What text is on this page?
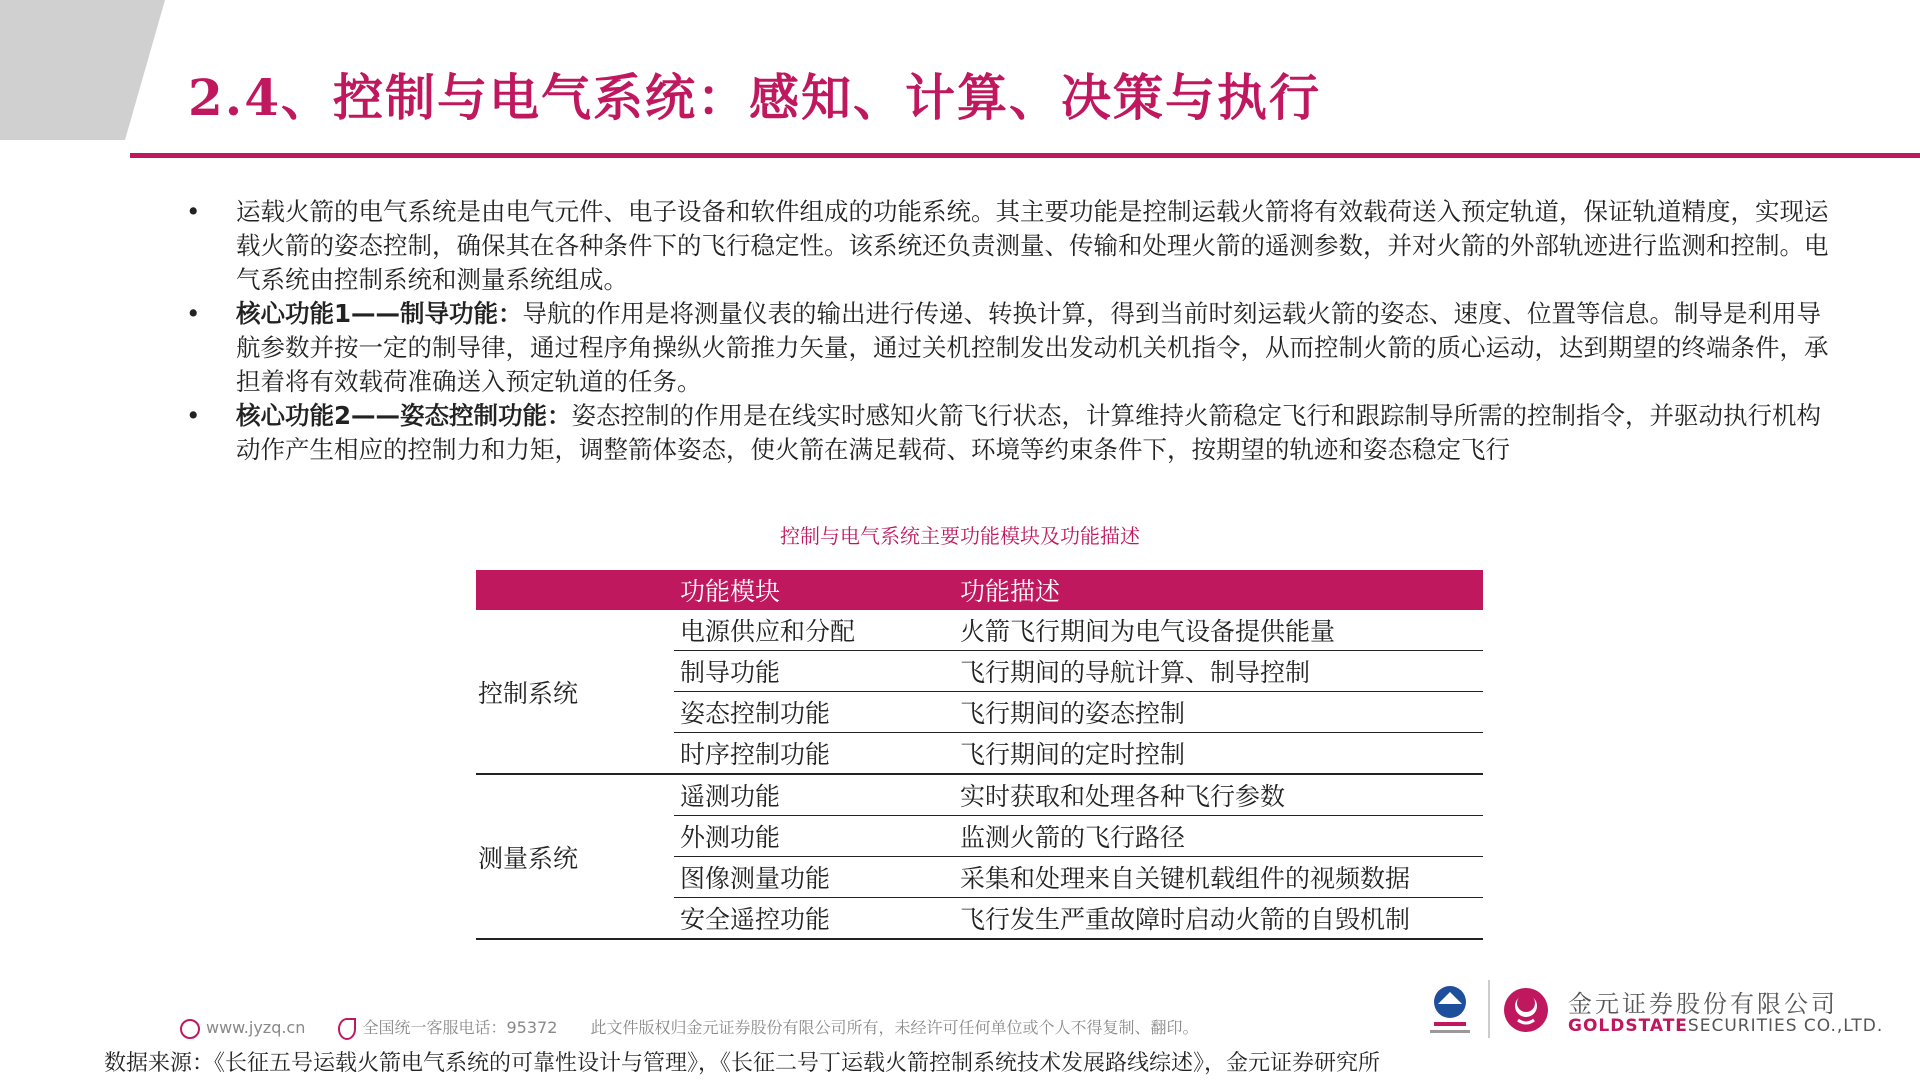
2.4、控制与电气系统：感知、计算、决策与执行
• 运载火箭的电气系统是由电气元件、电子设备和软件组成的功能系统。其主要功能是控制运载火箭将有效载荷送入预定轨道，保证轨道精度，实现运载火箭的姿态控制，确保其在各种条件下的飞行稳定性。该系统还负责测量、传输和处理火箭的遥测参数，并对火箭的外部轨迹进行监测和控制。电气系统由控制系统和测量系统组成。
• 核心功能1——制导功能：导航的作用是将测量仪表的输出进行传递、转换计算，得到当前时刻运载火箭的姿态、速度、位置等信息。制导是利用导航参数并按一定的制导律，通过程序角操纵火箭推力矢量，通过关机控制发出发动机关机指令，从而控制火箭的质心运动，达到期望的终端条件，承担着将有效载荷准确送入预定轨道的任务。
• 核心功能2——姿态控制功能：姿态控制的作用是在线实时感知火箭飞行状态，计算维持火箭稳定飞行和跟踪制导所需的控制指令，并驱动执行机构动作产生相应的控制力和力矩，调整箭体姿态，使火箭在满足载荷、环境等约束条件下，按期望的轨迹和姿态稳定飞行
控制与电气系统主要功能模块及功能描述
	功能模块	功能描述
控制系统	电源供应和分配	火箭飞行期间为电气设备提供能量
	制导功能	飞行期间的导航计算、制导控制
	姿态控制功能	飞行期间的姿态控制
	时序控制功能	飞行期间的定时控制
测量系统	遥测功能	实时获取和处理各种飞行参数
	外测功能	监测火箭的飞行路径
	图像测量功能	采集和处理来自关键机载组件的视频数据
	安全遥控功能	飞行发生严重故障时启动火箭的自毁机制
www.jyzq.cn	全国统一客服电话：95372 此文件版权归金元证券股份有限公司所有，未经许可任何单位或个人不得复制、翻印。
金元证券股份有限公司
GOLDSTATESECURITIES CO.,LTD.
数据来源：《长征五号运载火箭电气系统的可靠性设计与管理》，《长征二号丁运载火箭控制系统技术发展路线综述》，金元证券研究所
